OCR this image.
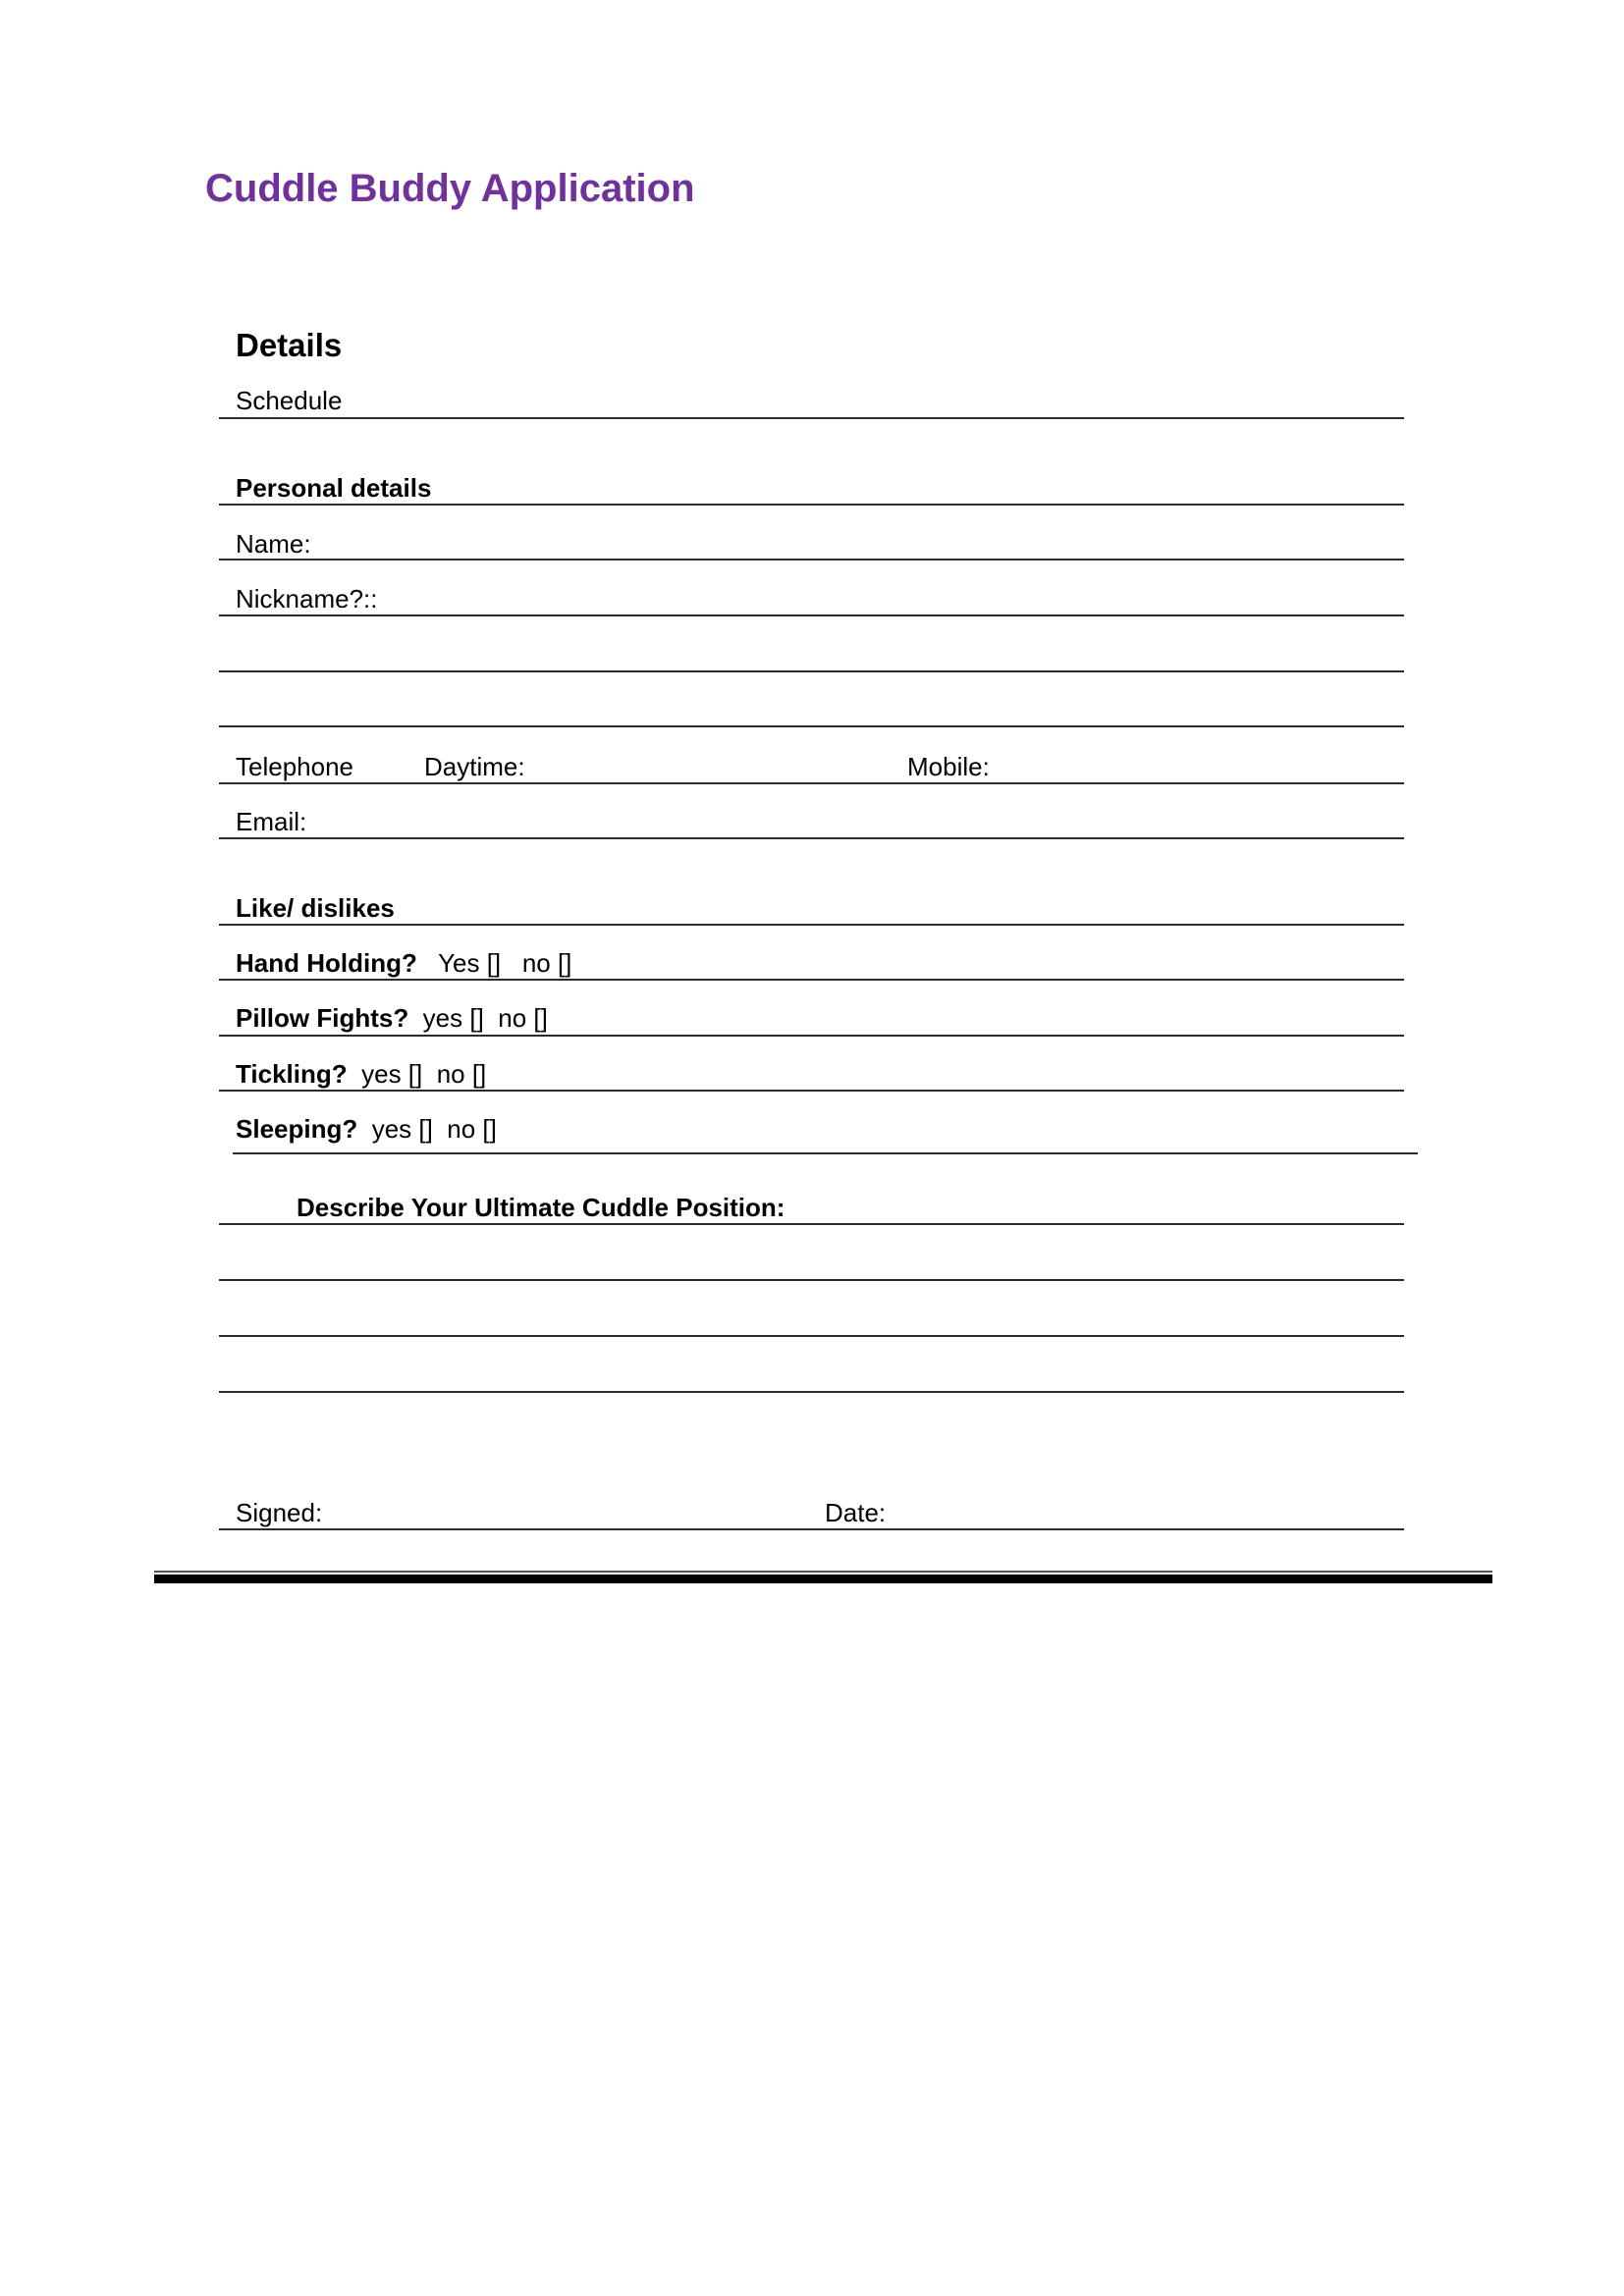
Cuddle Buddy Application
Details
Schedule
Personal details
Name:
Nickname?::
Telephone	Daytime:	Mobile:
Email:
Like/ dislikes
Hand Holding? Yes []   no []
Pillow Fights? yes []  no []
Tickling? yes []  no []
Sleeping? yes []  no []
Describe Your Ultimate Cuddle Position:
Signed:	Date:
